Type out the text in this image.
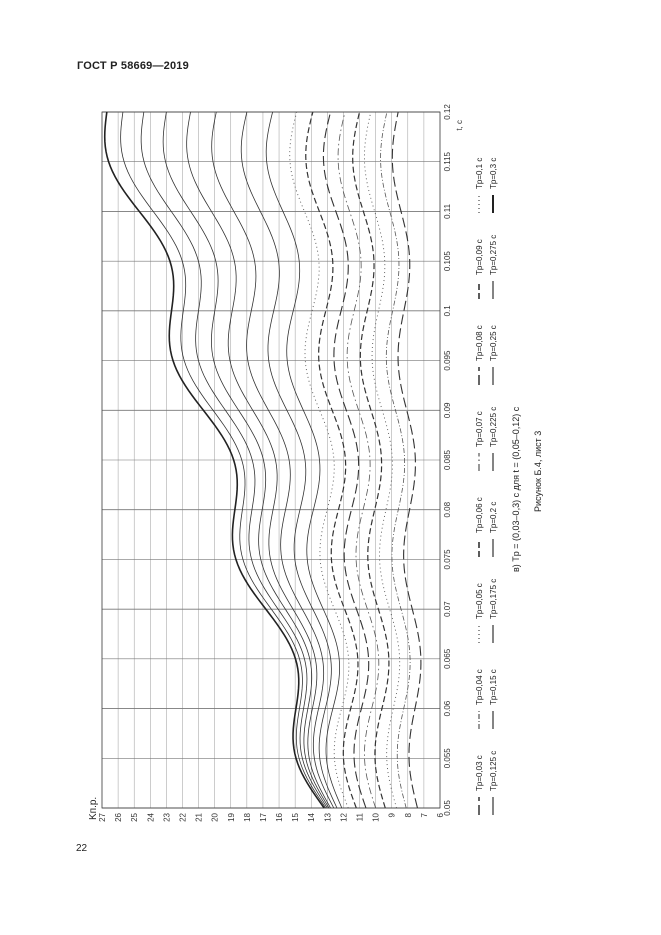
ГОСТ Р 58669—2019
6
7
8
9
10
11
12
13
14
15
16
17
18
19
20
21
22
23
24
25
26
27
0.05
0.055
0.06
0.065
0.07
0.075
0.08
0.085
0.09
0.095
0.1
0.105
0.11
0.115
0.12
Tp=0,03 c
Tp=0,04 c
Tp=0,05 c
Tp=0,06 c
Tp=0,07 c
Tp=0,08 c
Tp=0,09 c
Tp=0,1 c
Tp=0,125 c
Tp=0,15 c
Tp=0,175 c
Tp=0,2 c
Tp=0,225 c
Tp=0,25 c
Tp=0,275 c
Tp=0,3 c
Kп.р.
t, c
в) Tp = (0,03–0,3) с для t = (0,05–0,12) с Рисунок Б.4, лист 3
22
